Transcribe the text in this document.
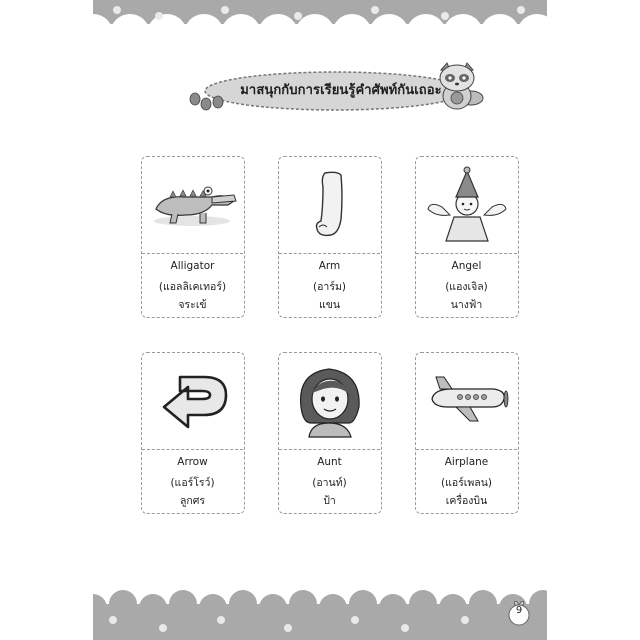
มาสนุกกับการเรียนรู้คำศัพท์กันเถอะ
Alligator
(แอลลิเคเทอร์)
จระเข้
Arm
(อาร์ม)
แขน
Angel
(แองเจิล)
นางฟ้า
Arrow
(แอร์โรว์)
ลูกศร
Aunt
(อานท์)
ป้า
Airplane
(แอร์เพลน)
เครื่องบิน
9
